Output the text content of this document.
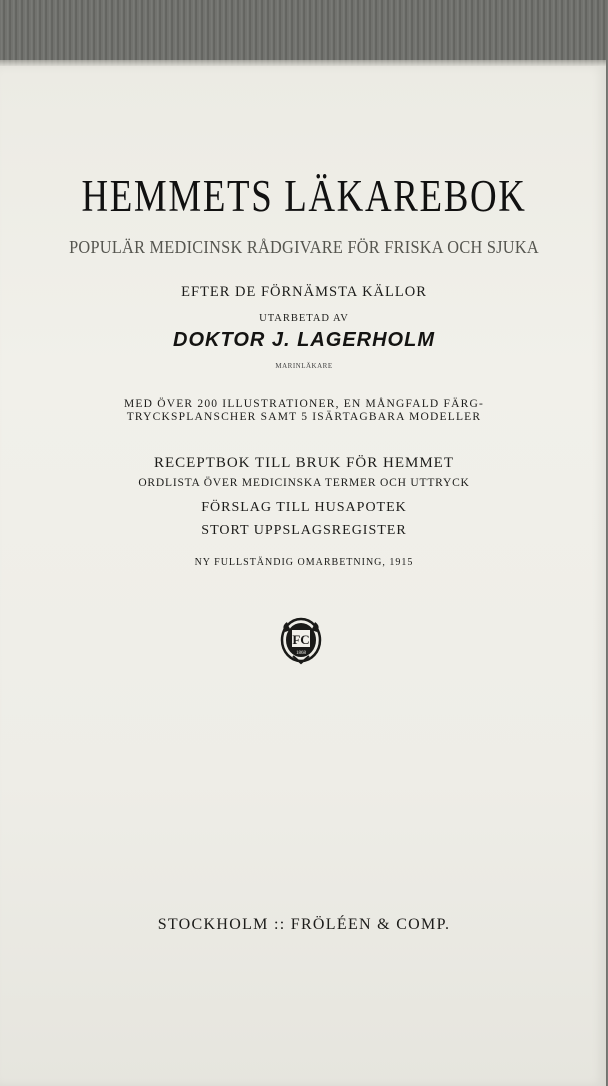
HEMMETS LÄKAREBOK
POPULÄR MEDICINSK RÅDGIVARE FÖR FRISKA OCH SJUKA
EFTER DE FÖRNÄMSTA KÄLLOR
UTARBETAD AV
DOKTOR J. LAGERHOLM
MARINLÄKARE
MED ÖVER 200 ILLUSTRATIONER, EN MÅNGFALD FÄRG-
TRYCKSPLANSCHER SAMT 5 ISÄRTAGBARA MODELLER
RECEPTBOK TILL BRUK FÖR HEMMET
ORDLISTA ÖVER MEDICINSKA TERMER OCH UTTRYCK
FÖRSLAG TILL HUSAPOTEK
STORT UPPSLAGSREGISTER
NY FULLSTÄNDIG OMARBETNING, 1915
FC
1868
STOCKHOLM :: FRÖLÉEN & COMP.
